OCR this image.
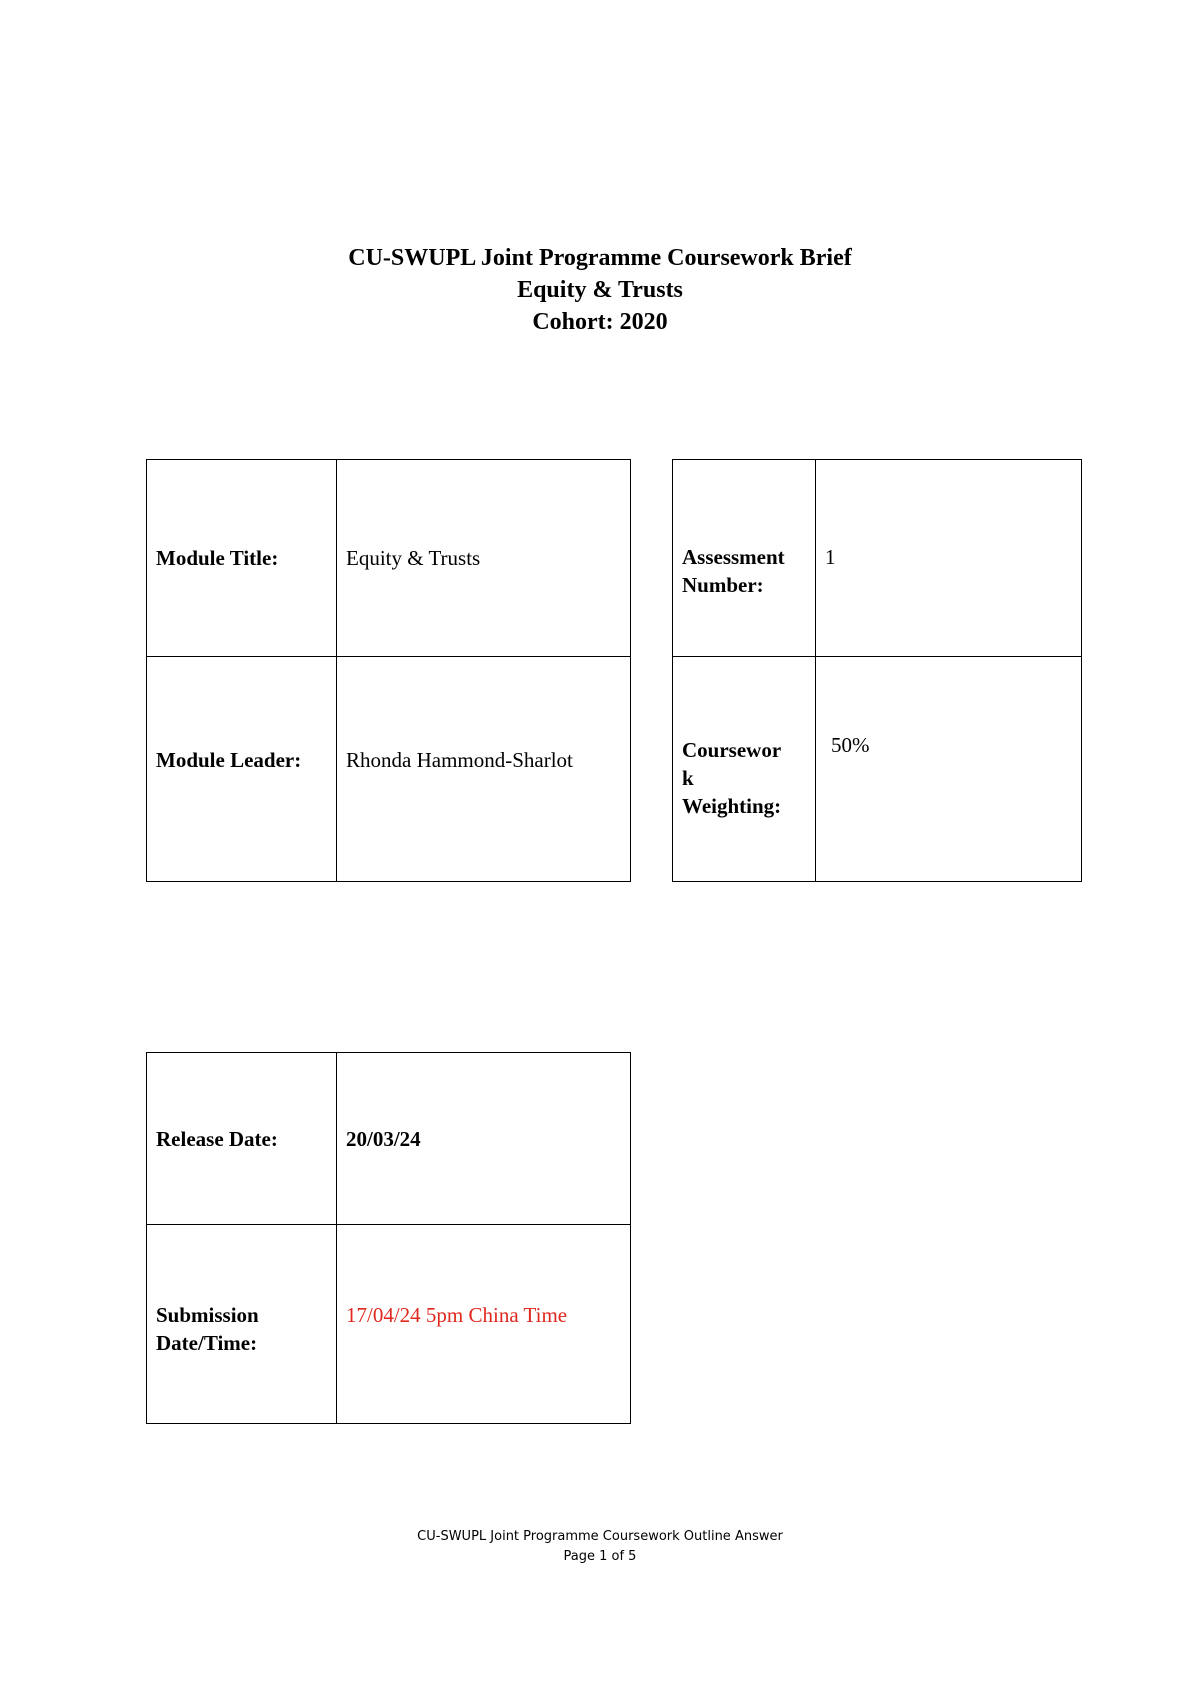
CU-SWUPL Joint Programme Coursework Brief
Equity & Trusts
Cohort: 2020
Module Title:	Equity & Trusts

Module Leader:	Rhonda Hammond-Sharlot
Assessment
Number:	1

Coursewor
k
Weighting:	50%
Release Date:	20/03/24

Submission
Date/Time:	17/04/24 5pm China Time
CU-SWUPL Joint Programme Coursework Outline Answer
Page 1 of 5
